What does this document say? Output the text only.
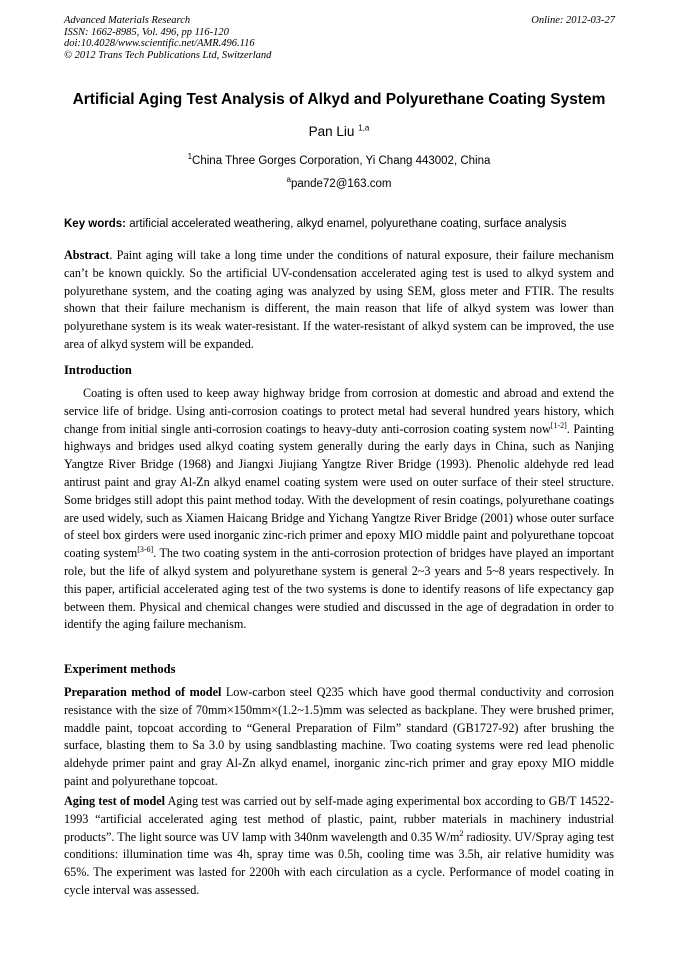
Advanced Materials Research
ISSN: 1662-8985, Vol. 496, pp 116-120
doi:10.4028/www.scientific.net/AMR.496.116
© 2012 Trans Tech Publications Ltd, Switzerland
Online: 2012-03-27
Artificial Aging Test Analysis of Alkyd and Polyurethane Coating System
Pan Liu $^{1,a}$
$^1$China Three Gorges Corporation, Yi Chang 443002, China
$^a$pande72@163.com
Key words: artificial accelerated weathering, alkyd enamel, polyurethane coating, surface analysis
Abstract. Paint aging will take a long time under the conditions of natural exposure, their failure mechanism can’t be known quickly. So the artificial UV-condensation accelerated aging test is used to alkyd system and polyurethane system, and the coating aging was analyzed by using SEM, gloss meter and FTIR. The results shown that their failure mechanism is different, the main reason that life of alkyd system was lower than polyurethane system is its weak water-resistant. If the water-resistant of alkyd system can be improved, the use area of alkyd system will be expanded.
Introduction
Coating is often used to keep away highway bridge from corrosion at domestic and abroad and extend the service life of bridge. Using anti-corrosion coatings to protect metal had several hundred years history, which change from initial single anti-corrosion coatings to heavy-duty anti-corrosion coating system now[1-2]. Painting highways and bridges used alkyd coating system generally during the early days in China, such as Nanjing Yangtze River Bridge (1968) and Jiangxi Jiujiang Yangtze River Bridge (1993). Phenolic aldehyde red lead antirust paint and gray Al-Zn alkyd enamel coating system were used on outer surface of their steel structure. Some bridges still adopt this paint method today. With the development of resin coatings, polyurethane coatings are used widely, such as Xiamen Haicang Bridge and Yichang Yangtze River Bridge (2001) whose outer surface of steel box girders were used inorganic zinc-rich primer and epoxy MIO middle paint and polyurethane topcoat coating system[3-6]. The two coating system in the anti-corrosion protection of bridges have played an important role, but the life of alkyd system and polyurethane system is general 2~3 years and 5~8 years respectively. In this paper, artificial accelerated aging test of the two systems is done to identify reasons of life expectancy gap between them. Physical and chemical changes were studied and discussed in the age of degradation in order to identify the aging failure mechanism.
Experiment methods
Preparation method of model Low-carbon steel Q235 which have good thermal conductivity and corrosion resistance with the size of 70mm×150mm×(1.2~1.5)mm was selected as backplane. They were brushed primer, maddle paint, topcoat according to “General Preparation of Film” standard (GB1727-92) after brushing the surface, blasting them to Sa 3.0 by using sandblasting machine. Two coating systems were red lead phenolic aldehyde primer paint and gray Al-Zn alkyd enamel, inorganic zinc-rich primer and gray epoxy MIO middle paint and polyurethane topcoat.
Aging test of model Aging test was carried out by self-made aging experimental box according to GB/T 14522-1993 “artificial accelerated aging test method of plastic, paint, rubber materials in machinery industrial products”. The light source was UV lamp with 340nm wavelength and 0.35 W/m$^2$ radiosity. UV/Spray aging test conditions: illumination time was 4h, spray time was 0.5h, cooling time was 3.5h, air relative humidity was 65%. The experiment was lasted for 2200h with each circulation as a cycle. Performance of model coating in cycle interval was assessed.
